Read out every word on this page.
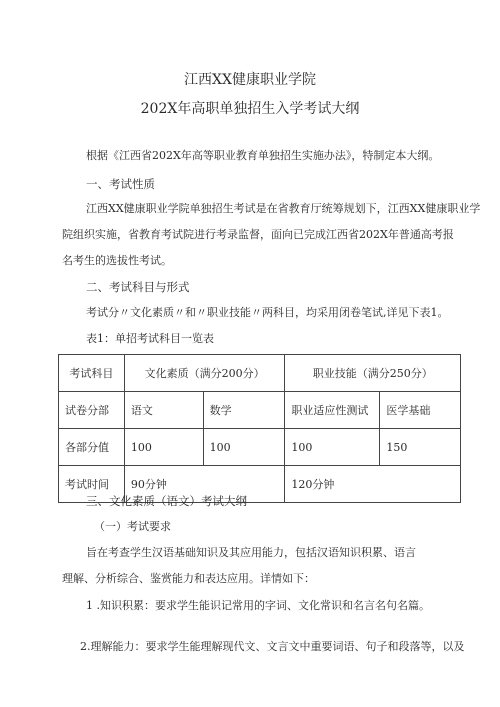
江西XX健康职业学院
202X年高职单独招生入学考试大纲
根据《江西省202X年高等职业教育单独招生实施办法》，特制定本大纲。
一、考试性质
江西XX健康职业学院单独招生考试是在省教育厅统筹规划下，江西XX健康职业学
院组织实施，省教育考试院进行考录监督，面向已完成江西省202X年普通高考报
名考生的选拔性考试。
二、考试科目与形式
考试分〃文化素质〃和〃职业技能〃两科目，均采用闭卷笔试,详见下表1。
表1：单招考试科目一览表
考试科目	文化素质（满分200分）		职业技能（满分250分）	
试卷分部	语文	数学	职业适应性测试	医学基础
各部分值	100	100	100	150
考试时间	90分钟		120分钟	
三、文化素质（语文）考试大纲
（一）考试要求
旨在考查学生汉语基础知识及其应用能力，包括汉语知识积累、语言
理解、分析综合、鉴赏能力和表达应用。详情如下：
1 .知识积累：要求学生能识记常用的字词、文化常识和名言名句名篇。
2.理解能力：要求学生能理解现代文、文言文中重要词语、句子和段落等，以及
